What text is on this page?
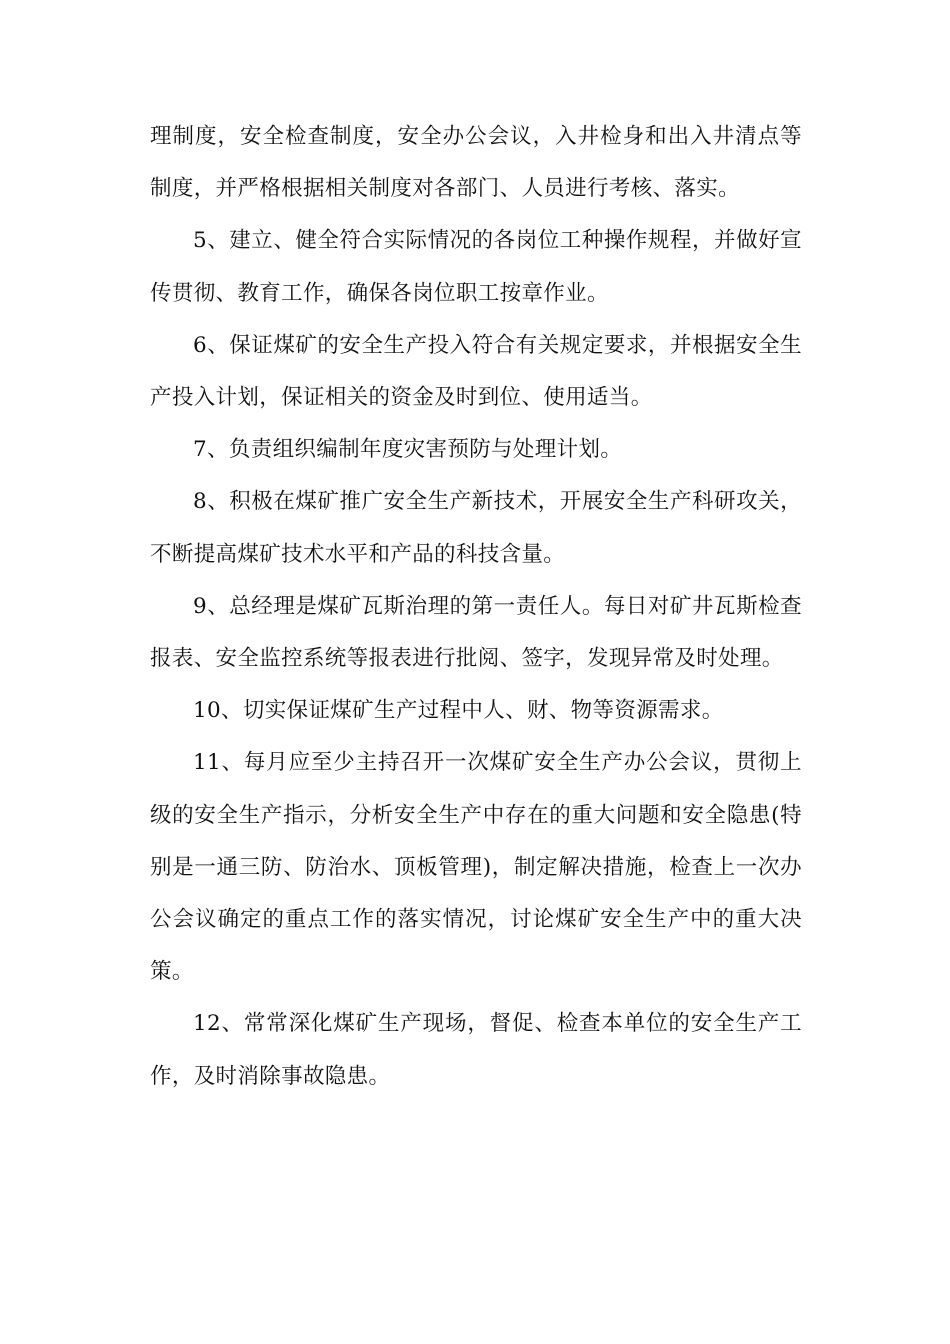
理制度，安全检查制度，安全办公会议，入井检身和出入井清点等制度，并严格根据相关制度对各部门、人员进行考核、落实。

5、建立、健全符合实际情况的各岗位工种操作规程，并做好宣传贯彻、教育工作，确保各岗位职工按章作业。

6、保证煤矿的安全生产投入符合有关规定要求，并根据安全生产投入计划，保证相关的资金及时到位、使用适当。

7、负责组织编制年度灾害预防与处理计划。

8、积极在煤矿推广安全生产新技术，开展安全生产科研攻关，不断提高煤矿技术水平和产品的科技含量。

9、总经理是煤矿瓦斯治理的第一责任人。每日对矿井瓦斯检查报表、安全监控系统等报表进行批阅、签字，发现异常及时处理。

10、切实保证煤矿生产过程中人、财、物等资源需求。

11、每月应至少主持召开一次煤矿安全生产办公会议，贯彻上级的安全生产指示，分析安全生产中存在的重大问题和安全隐患(特别是一通三防、防治水、顶板管理)，制定解决措施，检查上一次办公会议确定的重点工作的落实情况，讨论煤矿安全生产中的重大决策。

12、常常深化煤矿生产现场，督促、检查本单位的安全生产工作，及时消除事故隐患。
